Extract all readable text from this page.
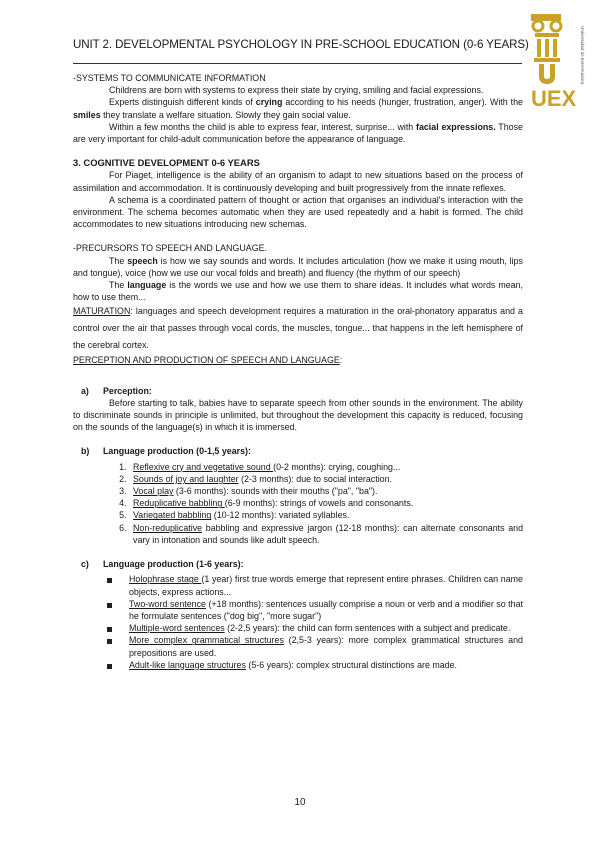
UNIT 2. DEVELOPMENTAL PSYCHOLOGY IN PRE-SCHOOL EDUCATION (0-6 YEARS)
UEX
Universidad de Extremadura

-SYSTEMS TO COMMUNICATE INFORMATION

Childrens are born with systems to express their state by crying, smiling and facial expressions.

Experts distinguish different kinds of crying according to his needs (hunger, frustration, anger). With the smiles they translate a welfare situation. Slowly they gain social value.

Within a few months the child is able to express fear, interest, surprise... with facial expressions. Those are very important for child-adult communication before the appearance of language.

3. COGNITIVE DEVELOPMENT 0-6 YEARS

For Piaget, intelligence is the ability of an organism to adapt to new situations based on the process of assimilation and accommodation. It is continuously developing and built progressively from the innate reflexes.

A schema is a coordinated pattern of thought or action that organises an individual's interaction with the environment. The schema becomes automatic when they are used repeatedly and a habit is formed. The child accommodates to new situations introducing new schemas.

-PRECURSORS TO SPEECH AND LANGUAGE.

The speech is how we say sounds and words. It includes articulation (how we make it using mouth, lips and tongue), voice (how we use our vocal folds and breath) and fluency (the rhythm of our speech)

The language is the words we use and how we use them to share ideas. It includes what words mean, how to use them...

MATURATION: languages and speech development requires a maturation in the oral-phonatory apparatus and a control over the air that passes through vocal cords, the muscles, tongue... that happens in the left hemisphere of the cerebral cortex.

PERCEPTION AND PRODUCTION OF SPEECH AND LANGUAGE:

a)	Perception:

Before starting to talk, babies have to separate speech from other sounds in the environment. The ability to discriminate sounds in principle is unlimited, but throughout the development this capacity is reduced, focusing on the sounds of the language(s) in which it is immersed.

b)	Language production (0-1,5 years):
1. Reflexive cry and vegetative sound (0-2 months): crying, coughing...
2. Sounds of joy and laughter (2-3 months): due to social interaction.
3. Vocal play (3-6 months): sounds with their mouths ("pa", "ba").
4. Reduplicative babbling (6-9 months): strings of vowels and consonants.
5. Variegated babbling (10-12 months): variated syllables.
6. Non-reduplicative babbling and expressive jargon (12-18 months): can alternate consonants and vary in intonation and sounds like adult speech.
c)	Language production (1-6 years):
Holophrase stage (1 year) first true words emerge that represent entire phrases. Children can name objects, express actions...
Two-word sentence (+18 months): sentences usually comprise a noun or verb and a modifier so that he formulate sentences ("dog big", "more sugar")
Multiple-word sentences (2-2,5 years): the child can form sentences with a subject and predicate.
More complex grammatical structures (2,5-3 years): more complex grammatical structures and prepositions are used.
Adult-like language structures (5-6 years): complex structural distinctions are made.
10
